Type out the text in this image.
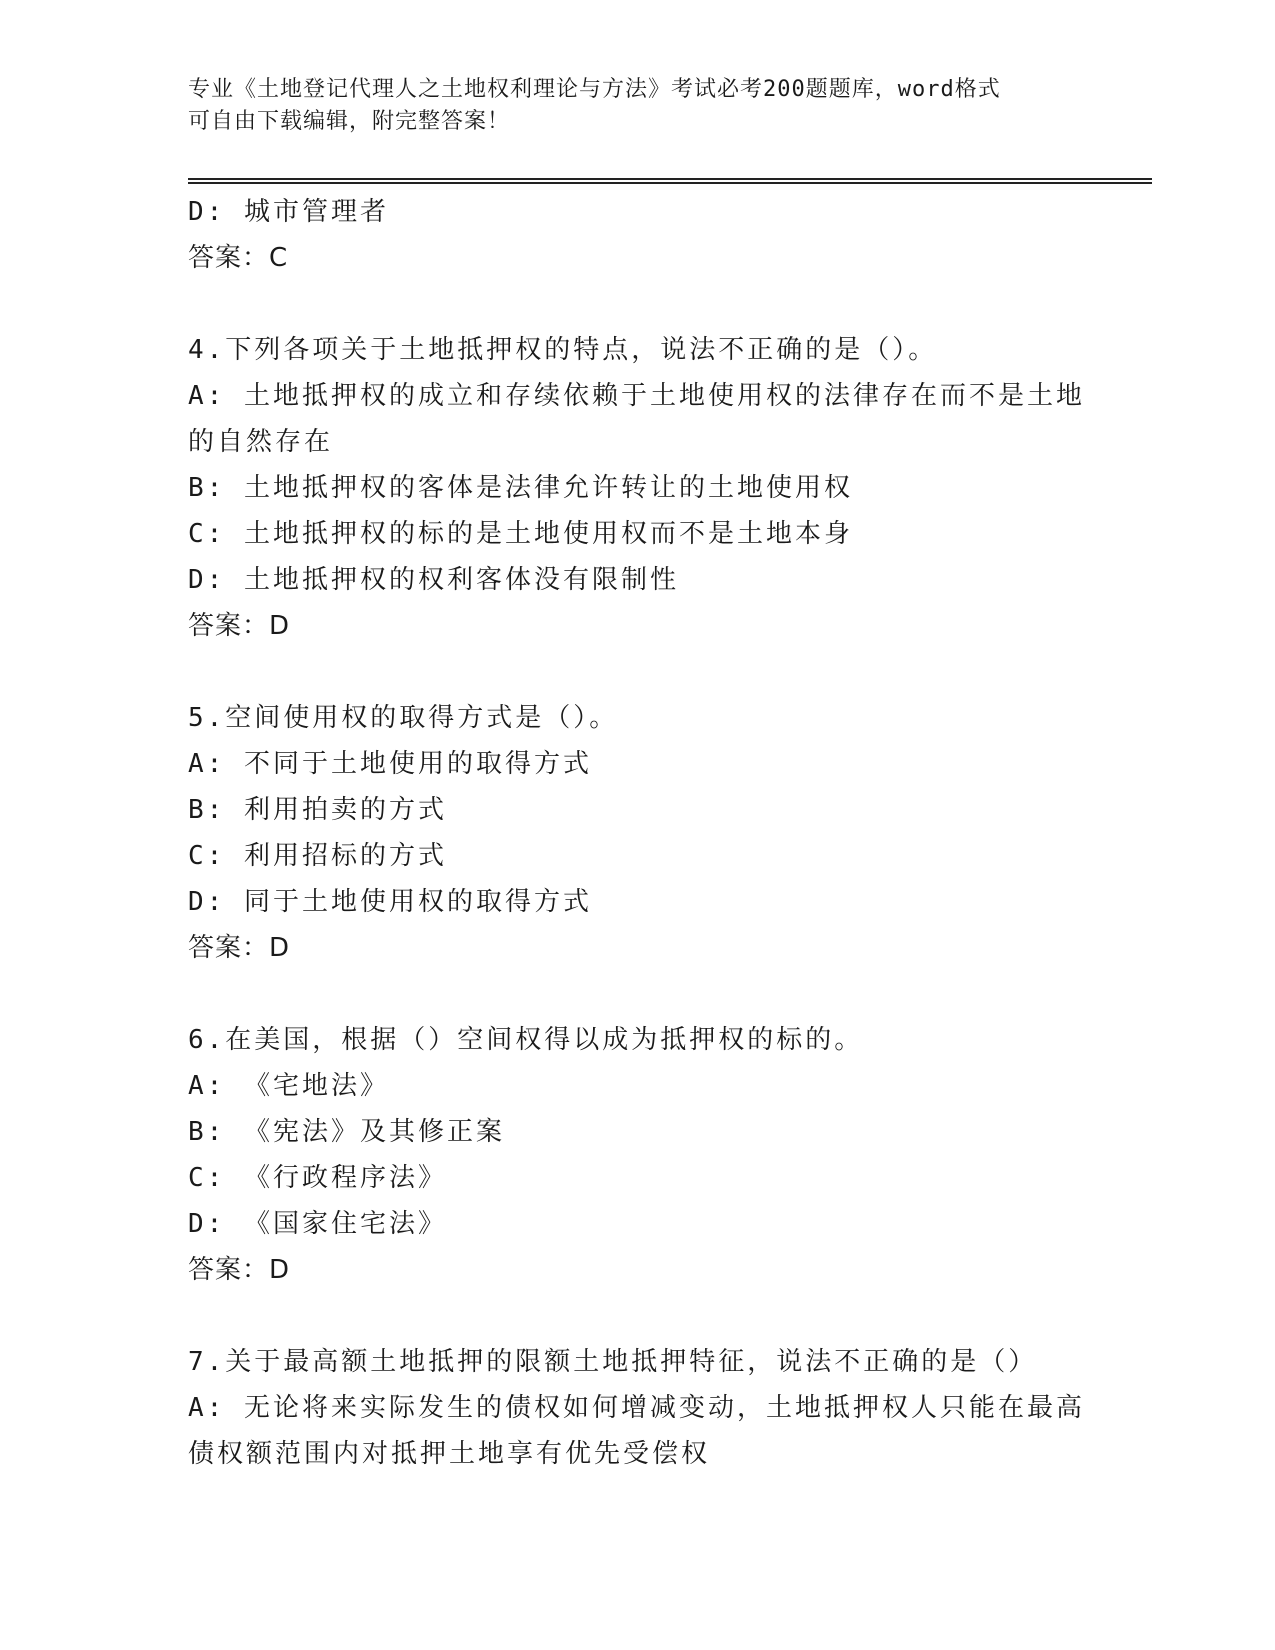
专业《土地登记代理人之土地权利理论与方法》考试必考200题题库，word格式
可自由下载编辑，附完整答案！
D: 城市管理者
答案：C
4.下列各项关于土地抵押权的特点，说法不正确的是（）。
A: 土地抵押权的成立和存续依赖于土地使用权的法律存在而不是土地
的自然存在
B: 土地抵押权的客体是法律允许转让的土地使用权
C: 土地抵押权的标的是土地使用权而不是土地本身
D: 土地抵押权的权利客体没有限制性
答案：D
5.空间使用权的取得方式是（）。
A: 不同于土地使用的取得方式
B: 利用拍卖的方式
C: 利用招标的方式
D: 同于土地使用权的取得方式
答案：D
6.在美国，根据（）空间权得以成为抵押权的标的。
A: 《宅地法》
B: 《宪法》及其修正案
C: 《行政程序法》
D: 《国家住宅法》
答案：D
7.关于最高额土地抵押的限额土地抵押特征，说法不正确的是（）
A: 无论将来实际发生的债权如何增减变动，土地抵押权人只能在最高
债权额范围内对抵押土地享有优先受偿权
